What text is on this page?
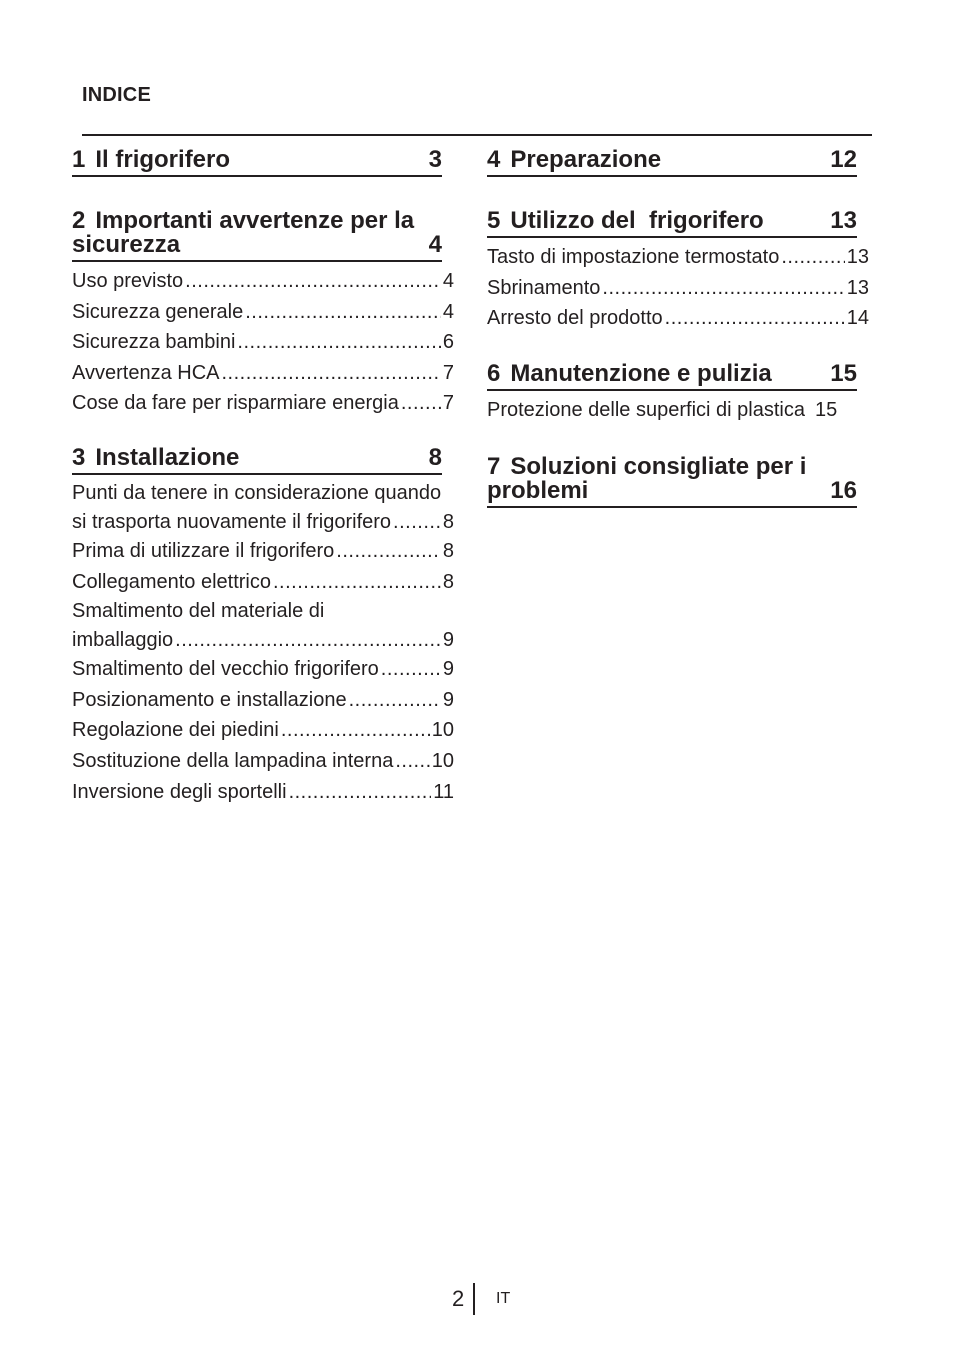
INDICE
1 Il frigorifero	3
2 Importanti avvertenze per la
sicurezza	4
Uso previsto .....	4
Sicurezza generale .....	4
Sicurezza bambini .....	6
Avvertenza HCA .....	7
Cose da fare per risparmiare energia ..... 7
3 Installazione	8
Punti da tenere in considerazione quando
si trasporta nuovamente il frigorifero .....	8
Prima di utilizzare il frigorifero .....	8
Collegamento elettrico .....	8
Smaltimento del materiale di
imballaggio .....	9
Smaltimento del vecchio frigorifero .....	9
Posizionamento e installazione .....	9
Regolazione dei piedini .....	10
Sostituzione della lampadina interna ..... 10
Inversione degli sportelli .....	11
4 Preparazione	12
5 Utilizzo del  frigorifero	13
Tasto di impostazione termostato .....	13
Sbrinamento .....	13
Arresto del prodotto .....	14
6 Manutenzione e pulizia 15
Protezione delle superfici di plastica 15
7 Soluzioni consigliate per i
problemi	16
2 IT
